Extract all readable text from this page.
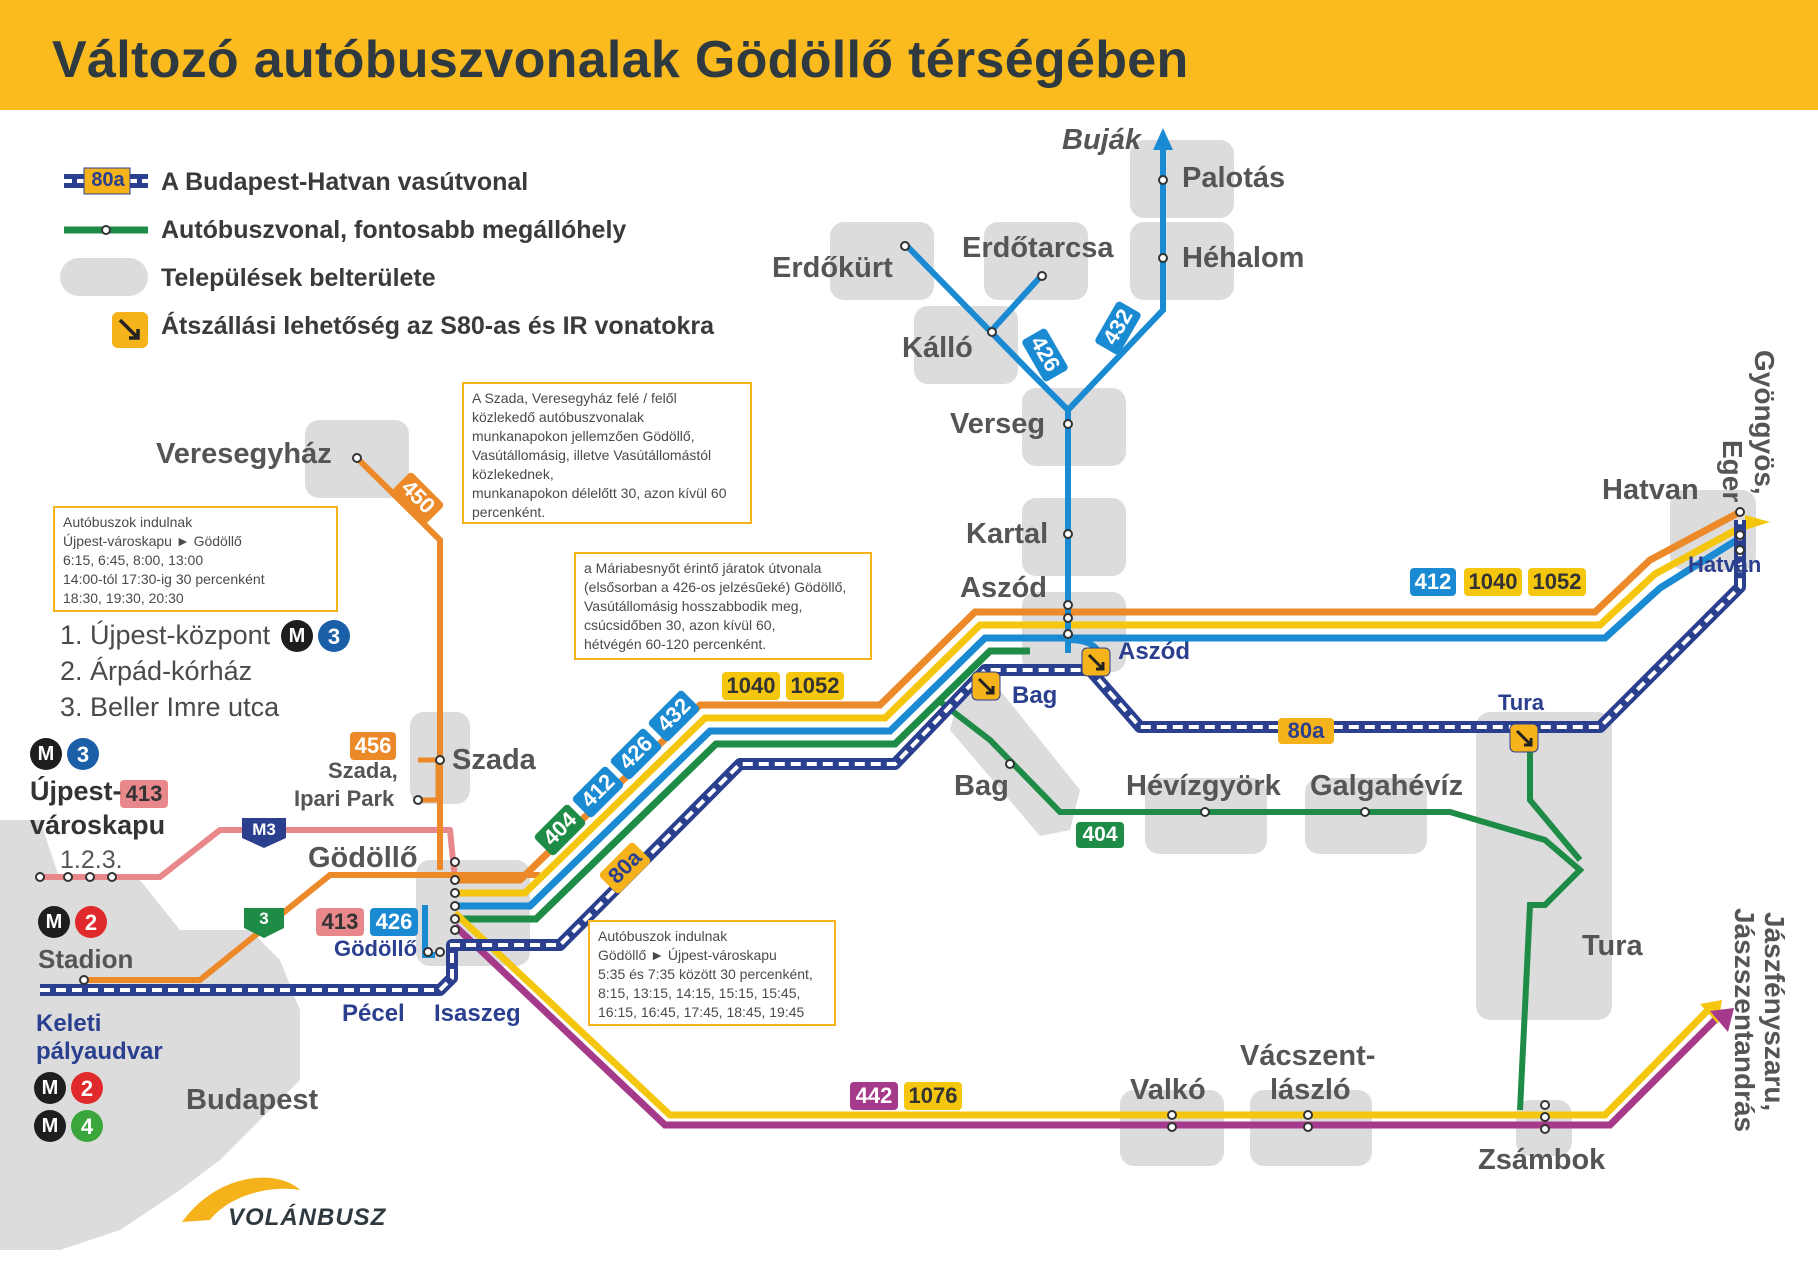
Változó autóbuszvonalak Gödöllő térségében
A Budapest-Hatvan vasútvonal
80a
Autóbuszvonal, fontosabb megállóhely
Települések belterülete
Átszállási lehetőség az S80-as és IR vonatokra
A Szada, Veresegyház felé / felől
közlekedő autóbuszvonalak
munkanapokon jellemzően Gödöllő,
Vasútállomásig, illetve Vasútállomástól
közlekednek,
munkanapokon délelőtt 30, azon kívül 60
percenként.
Autóbuszok indulnak
Újpest-városkapu ► Gödöllő
6:15, 6:45, 8:00, 13:00
14:00-tól 17:30-ig 30 percenként
18:30, 19:30, 20:30
a Máriabesnyőt érintő járatok útvonala
(elsősorban a 426-os jelzésűeké) Gödöllő,
Vasútállomásig hosszabbodik meg,
csúcsidőben 30, azon kívül 60,
hétvégén 60-120 percenként.
Autóbuszok indulnak
Gödöllő ► Újpest-városkapu
5:35 és 7:35 között 30 percenként,
8:15, 13:15, 14:15, 15:15, 15:45,
16:15, 16:45, 17:45, 18:45, 19:45
1. Újpest-központ
2. Árpád-kórház
3. Beller Imre utca
Buják
Palotás
Héhalom
Erdőtarcsa
Erdőkürt
Kálló
Verseg
Kartal
Aszód
Veresegyház
Hatvan Gyöngyös,
Eger
Szada
Szada,
Ipari Park
Újpest-
városkapu
1.2.3.	Gödöllő
Bag	Hévízgyörk Galgahévíz
Tura
Stadion
Keleti
pályaudvar
Budapest
Vácszent-
lászló
Valkó
Zsámbok
Jászfényszaru,
Jászszentandrás
Hatvan
Aszód
Bag	Tura
Gödöllő
Pécel Isaszeg
450
456
412 1040 1052
1040 1052
404
412
426
432
80a
426
432
80a
404
413 426
413
442 1076
M3
3
M	3
M	3
M	2
M	2
M	4
VOLÁNBUSZ
